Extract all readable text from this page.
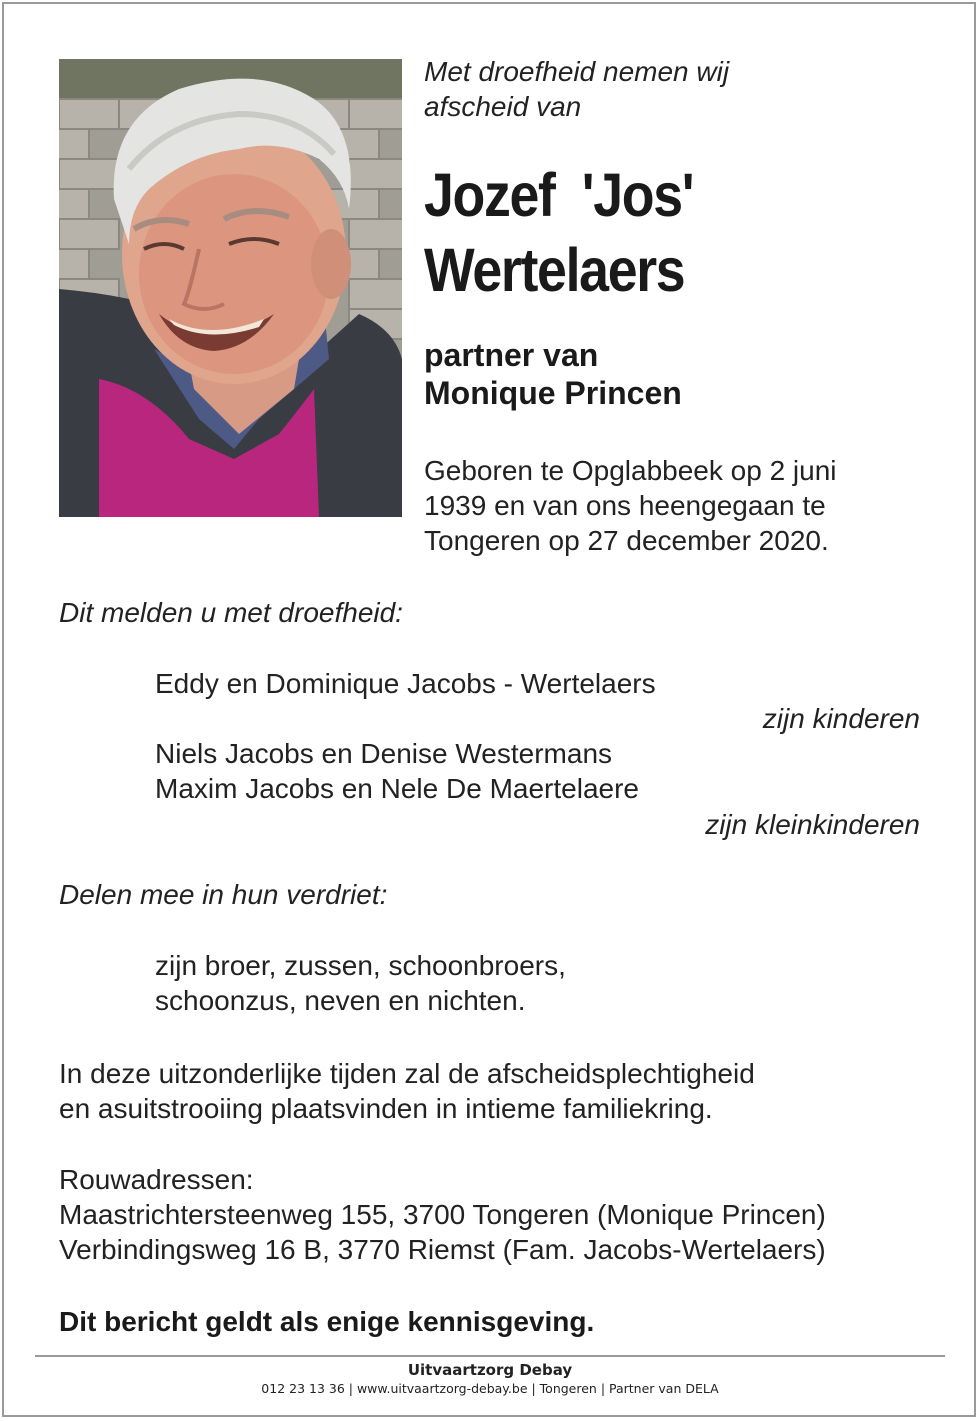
Met droefheid nemen wij
afscheid van
Jozef  'Jos'
Wertelaers
partner van
Monique Princen
Geboren te Opglabbeek op 2 juni
1939 en van ons heengegaan te
Tongeren op 27 december 2020.
Dit melden u met droefheid:
Eddy en Dominique Jacobs - Wertelaers
zijn kinderen
Niels Jacobs en Denise Westermans
Maxim Jacobs en Nele De Maertelaere
zijn kleinkinderen
Delen mee in hun verdriet:
zijn broer, zussen, schoonbroers,
schoonzus, neven en nichten.
In deze uitzonderlijke tijden zal de afscheidsplechtigheid
en asuitstrooiing plaatsvinden in intieme familiekring.
Rouwadressen:
Maastrichtersteenweg 155, 3700 Tongeren (Monique Princen)
Verbindingsweg 16 B, 3770 Riemst (Fam. Jacobs-Wertelaers)
Dit bericht geldt als enige kennisgeving.
Uitvaartzorg Debay
012 23 13 36 | www.uitvaartzorg-debay.be | Tongeren | Partner van DELA
